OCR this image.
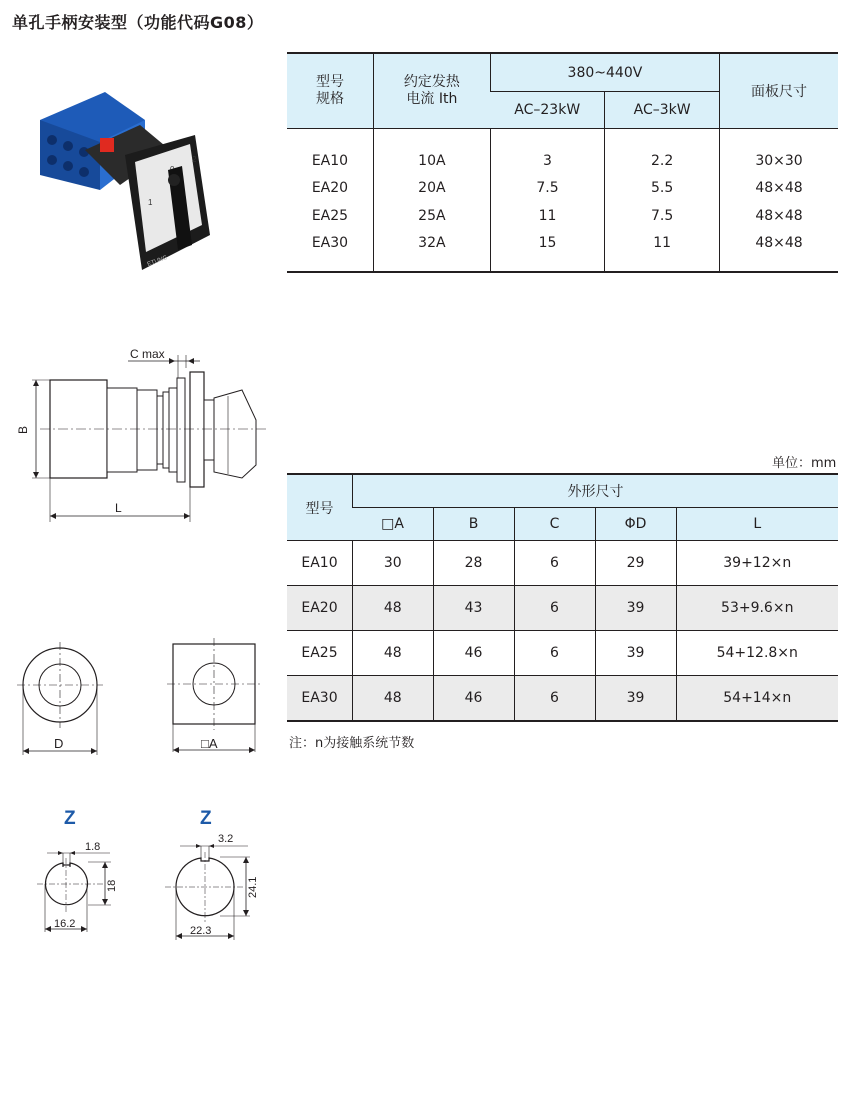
单孔手柄安装型（功能代码G08）
1
2
ETUNG
型号
规格	约定发热
电流 Ith	380~440V		面板尺寸
		AC–23kW	AC–3kW	
EA10	10A	3	2.2	30×30
EA20	20A	7.5	5.5	48×48
EA25	25A	11	7.5	48×48
EA30	32A	15	11	48×48
C max
B
L
单位：mm
型号	外形尺寸				
	□A	B	C	ΦD	L
EA10	30	28	6	29	39+12×n
EA20	48	43	6	39	53+9.6×n
EA25	48	46	6	39	54+12.8×n
EA30	48	46	6	39	54+14×n
注：n为接触系统节数
D	□A
Z
1.8
18
16.2
Z
3.2
24.1
22.3
